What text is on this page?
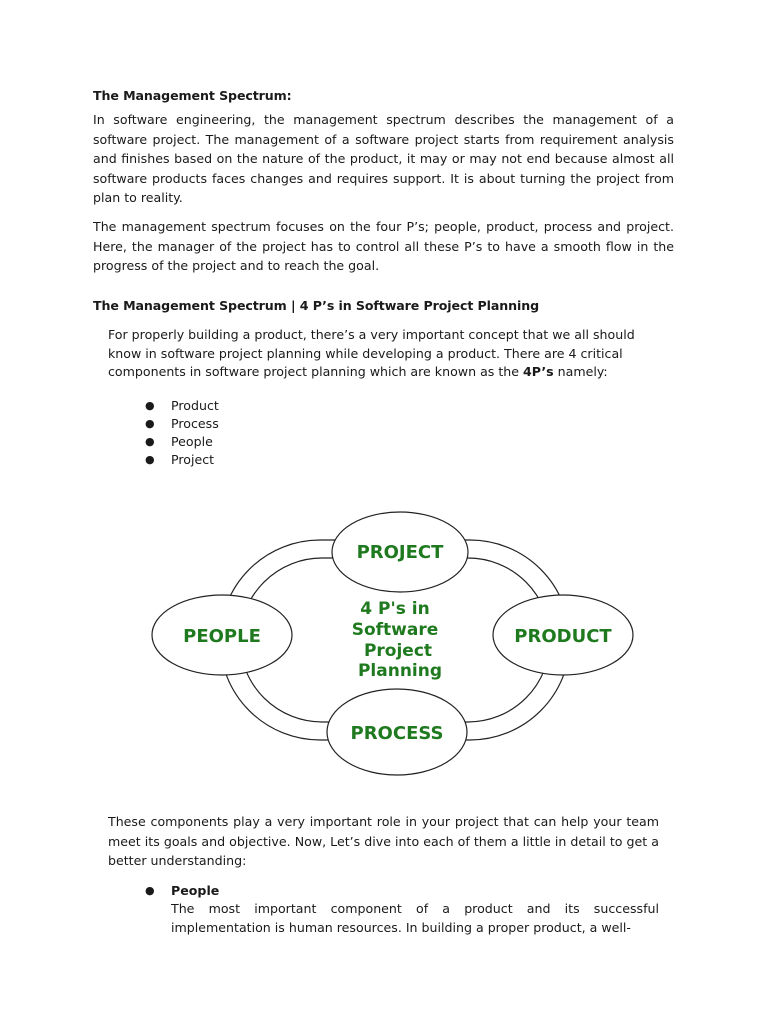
The Management Spectrum:

In software engineering, the management spectrum describes the management of a software project. The management of a software project starts from requirement analysis and finishes based on the nature of the product, it may or may not end because almost all software products faces changes and requires support. It is about turning the project from plan to reality.

The management spectrum focuses on the four P’s; people, product, process and project. Here, the manager of the project has to control all these P’s to have a smooth flow in the progress of the project and to reach the goal.

The Management Spectrum | 4 P’s in Software Project Planning

For properly building a product, there’s a very important concept that we all should know in software project planning while developing a product. There are 4 critical components in software project planning which are known as the 4P’s namely:

● Product
● Process
● People
● Project
PROJECT
PEOPLE	PRODUCT
PROCESS
4 P's in
Software
Project
Planning

These components play a very important role in your project that can help your team meet its goals and objective. Now, Let’s dive into each of them a little in detail to get a better understanding:

● People
The most important component of a product and its successful implementation is human resources. In building a proper product, a well-
